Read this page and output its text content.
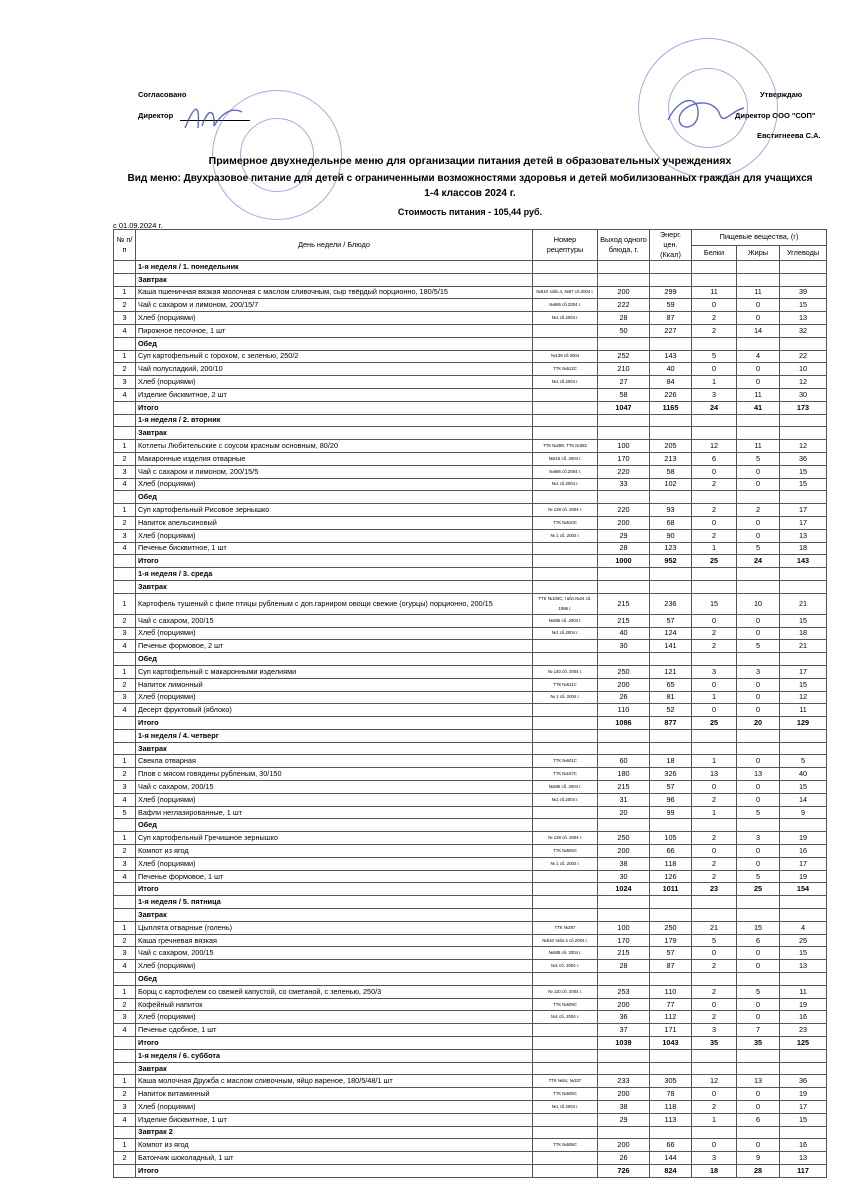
Согласовано
Директор
Утверждаю
Директор ООО "СОП"
Евстигнеева С.А.
Примерное двухнедельное меню для организации питания детей в образовательных учреждениях
Вид меню: Двухразовое питание для детей с ограниченными возможностями здоровья и детей мобилизованных граждан для учащихся
1-4 классов 2024 г.
Стоимость питания - 105,44 руб.
с 01.09.2024 г.
№ п/п	День недели / Блюдо	Номер рецептуры	Выход одного блюда, г.	Энерг. цен. (Ккал)	Пищевые вещества, (г)		
					Белки	Жиры	Углеводы
	1-я неделя / 1. понедельник						
	Завтрак						
1	Каша пшеничная вязкая молочная с маслом сливочным, сыр твёрдый порционно, 180/5/15	№510 табл.4, №97 сб.2004 г.	200	299	11	11	39
2	Чай с сахаром и лимоном, 200/15/7	№686 сб.2004 г.	222	59	0	0	15
3	Хлеб (порциями)	№1 сб.2004 г.	28	87	2	0	13
4	Пирожное песочное, 1 шт		50	227	2	14	32
	Обед						
1	Суп картофельный с горохом, с зеленью, 250/2	№139 сб.2004	252	143	5	4	22
2	Чай полусладкий, 200/10	ТТК №512С	210	40	0	0	10
3	Хлеб (порциями)	№1 сб.2004 г.	27	84	1	0	12
4	Изделие бисквитное, 2 шт		58	226	3	11	30
	Итого		1047	1165	24	41	173
	1-я неделя / 2. вторник						
	Завтрак						
1	Котлеты Любительские с соусом красным основным, 80/20	ТТК №288, ТТК №382	100	205	12	11	12
2	Макаронные изделия отварные	№516 сб. 2004 г.	170	213	6	5	36
3	Чай с сахаром и лимоном, 200/15/5	№686 сб.2004 г.	220	58	0	0	15
4	Хлеб (порциями)	№1 сб.2004 г.	33	102	2	0	15
	Обед						
1	Суп картофельный Рисовое зернышко	№ 138 сб. 2004 г.	220	93	2	2	17
2	Напиток апельсиновый	ТТК №510С	200	68	0	0	17
3	Хлеб (порциями)	№ 1 сб. 2004 г.	29	90	2	0	13
4	Печенье бисквитное, 1 шт		28	123	1	5	18
	Итого		1000	952	25	24	143
	1-я неделя / 3. среда						
	Завтрак						
1	Картофель тушеный с филе птицы рубленым с доп.гарниром овощи свежие (огурцы) порционно, 200/15	ТТК №100С, табл.№24 сб. 1996 г.	215	236	15	10	21
2	Чай с сахаром, 200/15	№685 сб. 2004 г.	215	57	0	0	15
3	Хлеб (порциями)	№1 сб.2004 г.	40	124	2	0	18
4	Печенье формовое, 2 шт		30	141	2	5	21
	Обед						
1	Суп картофельный с макаронными изделиями	№ 140 сб. 2004 г.	250	121	3	3	17
2	Напиток лимонный	ТТК №511С	200	65	0	0	15
3	Хлеб (порциями)	№ 1 сб. 2004 г.	26	81	1	0	12
4	Десерт фруктовый (яблоко)		110	52	0	0	11
	Итого		1086	877	25	20	129
	1-я неделя / 4. четверг						
	Завтрак						
1	Свекла отварная	ТТК №601С	60	18	1	0	5
2	Плов с мясом говядины рубленым, 30/150	ТТК №107С	180	326	13	13	40
3	Чай с сахаром, 200/15	№685 сб. 2004 г.	215	57	0	0	15
4	Хлеб (порциями)	№1 сб.2004 г.	31	96	2	0	14
5	Вафли неглазированные, 1 шт		20	99	1	5	9
	Обед						
1	Суп картофельный Гречишное зернышко	№ 138 сб. 2004 г.	250	105	2	3	19
2	Компот из ягод	ТТК №506С	200	66	0	0	16
3	Хлеб (порциями)	№ 1 сб. 2004 г.	38	118	2	0	17
4	Печенье формовое, 1 шт		30	126	2	5	19
	Итого		1024	1011	23	25	154
	1-я неделя / 5. пятница						
	Завтрак						
1	Цыплята отварные (голень)	ТТК №287	100	250	21	15	4
2	Каша гречневая вязкая	№510 табл.4 сб.2004 г.	170	179	5	6	25
3	Чай с сахаром, 200/15	№685 сб. 2004 г.	215	57	0	0	15
4	Хлеб (порциями)	№1 сб. 2004 г.	28	87	2	0	13
	Обед						
1	Борщ с картофелем со свежей капустой, со сметаной, с зеленью, 250/3	№ 110 сб. 2004 г.	253	110	2	5	11
2	Кофейный напиток	ТТК №509С	200	77	0	0	19
3	Хлеб (порциями)	№1 сб. 2004 г.	36	112	2	0	16
4	Печенье сдобное, 1 шт		37	171	3	7	23
	Итого		1039	1043	35	35	125
	1-я неделя / 6. суббота						
	Завтрак						
1	Каша молочная Дружба с маслом сливочным, яйцо вареное, 180/5/48/1 шт	ТТК №84, №337	233	305	12	13	36
2	Напиток витаминный	ТТК №505С	200	78	0	0	19
3	Хлеб (порциями)	№1 сб.2004 г.	38	118	2	0	17
4	Изделие бисквитное, 1 шт		29	113	1	6	15
	Завтрак 2						
1	Компот из ягод	ТТК №506С	200	66	0	0	16
2	Батончик шоколадный, 1 шт		26	144	3	9	13
	Итого		726	824	18	28	117
